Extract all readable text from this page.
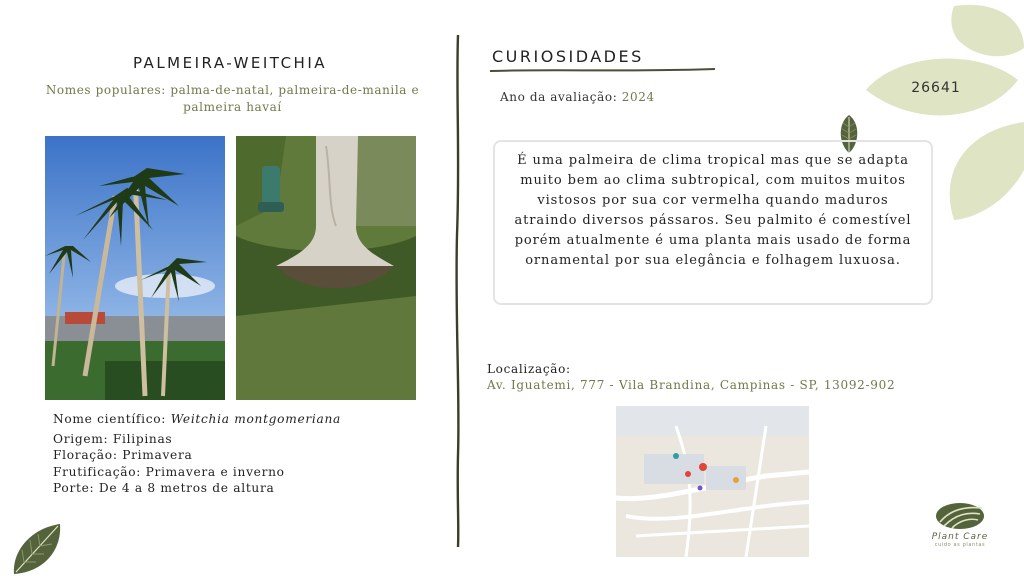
26641
PALMEIRA-WEITCHIA
Nomes populares: palma-de-natal, palmeira-de-manila e palmeira havaí
Nome científico: Weitchia montgomeriana
Origem: Filipinas
Floração: Primavera
Frutificação: Primavera e inverno
Porte: De 4 a 8 metros de altura
CURIOSIDADES
Ano da avaliação: 2024
É uma palmeira de clima tropical mas que se adapta muito bem ao clima subtropical, com muitos muitos vistosos por sua cor vermelha quando maduros atraindo diversos pássaros. Seu palmito é comestível porém atualmente é uma planta mais usado de forma ornamental por sua elegância e folhagem luxuosa.
Localização:
Av. Iguatemi, 777 - Vila Brandina, Campinas - SP, 13092-902
Plant Care
cuido as plantas
